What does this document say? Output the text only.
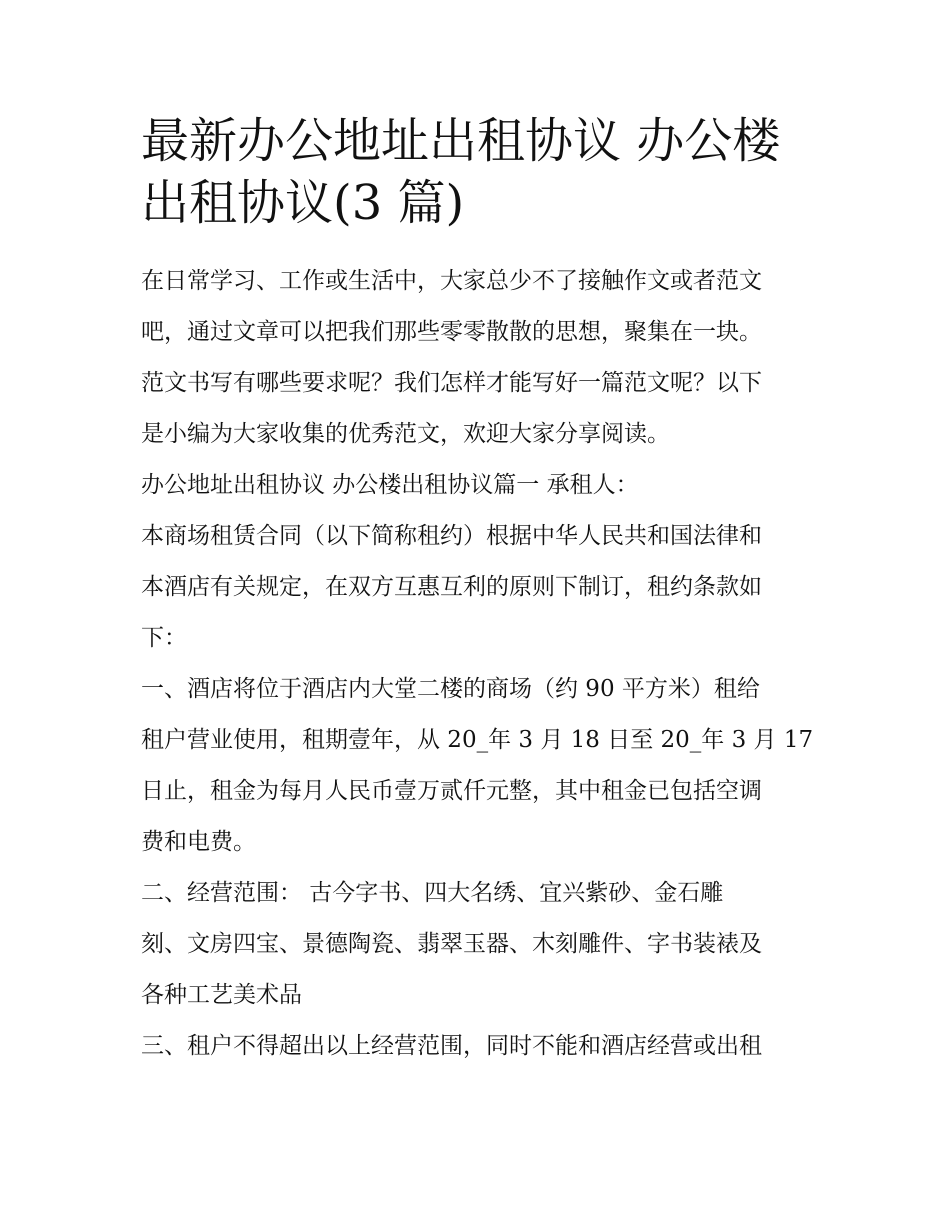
最新办公地址出租协议 办公楼
出租协议(3 篇)
在日常学习、工作或生活中，大家总少不了接触作文或者范文
吧，通过文章可以把我们那些零零散散的思想，聚集在一块。
范文书写有哪些要求呢？我们怎样才能写好一篇范文呢？以下
是小编为大家收集的优秀范文，欢迎大家分享阅读。
办公地址出租协议 办公楼出租协议篇一 承租人：
本商场租赁合同（以下简称租约）根据中华人民共和国法律和
本酒店有关规定，在双方互惠互利的原则下制订，租约条款如
下：
一、酒店将位于酒店内大堂二楼的商场（约 90 平方米）租给
租户营业使用，租期壹年，从 20_年 3 月 18 日至 20_年 3 月 17
日止，租金为每月人民币壹万贰仟元整，其中租金已包括空调
费和电费。
二、经营范围： 古今字书、四大名绣、宜兴紫砂、金石雕
刻、文房四宝、景德陶瓷、翡翠玉器、木刻雕件、字书装裱及
各种工艺美术品
三、租户不得超出以上经营范围，同时不能和酒店经营或出租
